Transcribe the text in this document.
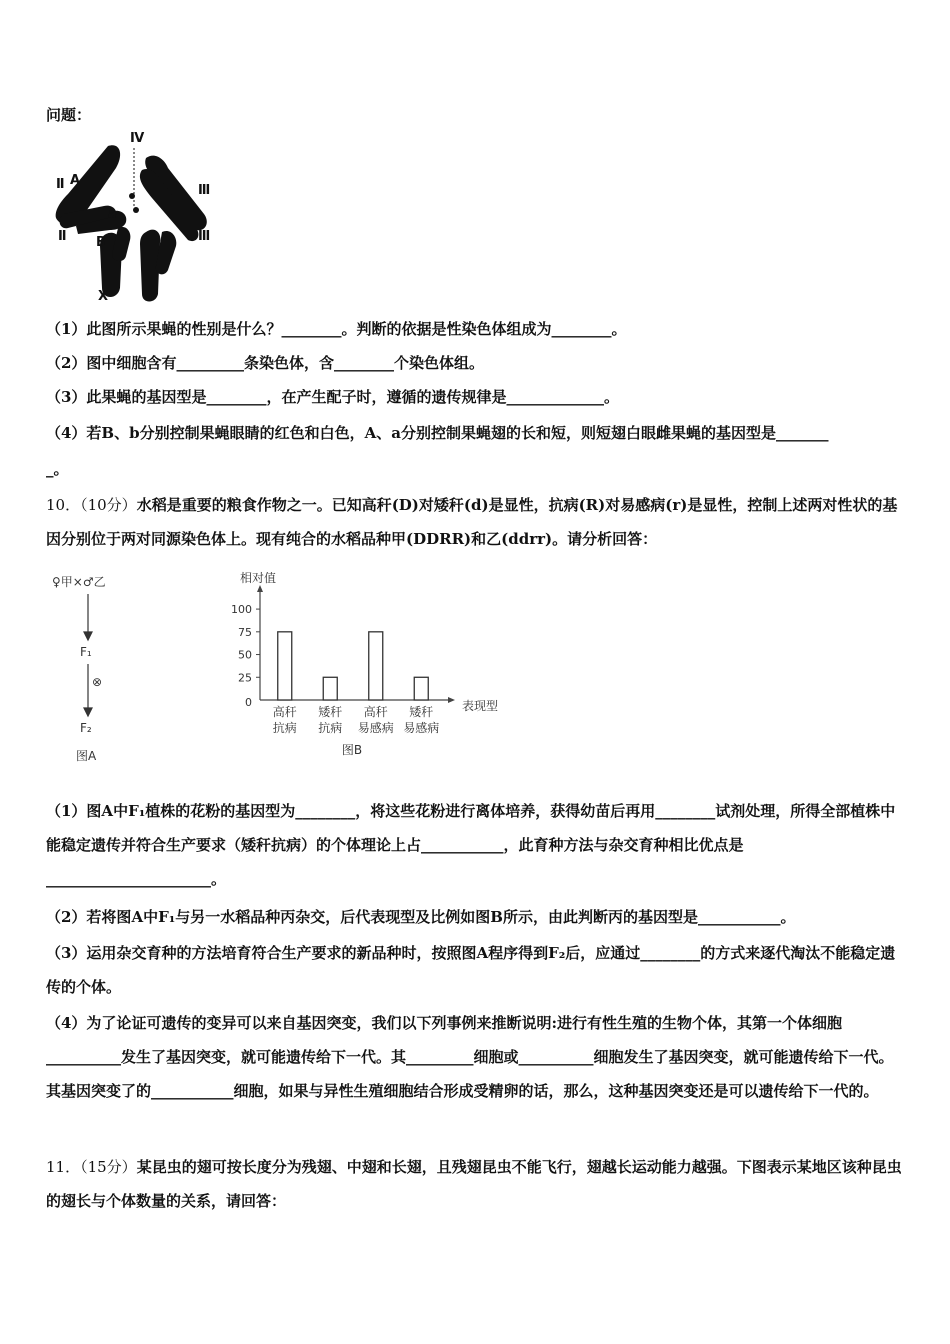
问题：
Ⅳ
Ⅱ A
Ⅲ
a
Ⅱ	Ⅲ
B
X	Y
（1）此图所示果蝇的性别是什么？________。判断的依据是性染色体组成为________。
（2）图中细胞含有_________条染色体，含________个染色体组。
（3）此果蝇的基因型是________，在产生配子时，遵循的遗传规律是_____________。
（4）若B、b分别控制果蝇眼睛的红色和白色，A、a分别控制果蝇翅的长和短，则短翅白眼雌果蝇的基因型是_______
_。
10．（10分）水稻是重要的粮食作物之一。已知高秆(D)对矮秆(d)是显性，抗病(R)对易感病(r)是显性，控制上述两对性状的基因分别位于两对同源染色体上。现有纯合的水稻品种甲(DDRR)和乙(ddrr)。请分析回答：
♀甲×♂乙
F₁
⊗
F₂
图A
相对值
表现型
0
25
50
75
100
高秆
抗病
矮秆
抗病
高秆
易感病
矮秆
易感病
图B
（1）图A中F₁植株的花粉的基因型为________，将这些花粉进行离体培养，获得幼苗后再用________试剂处理，所得全部植株中能稳定遗传并符合生产要求（矮秆抗病）的个体理论上占___________，此育种方法与杂交育种相比优点是______________________。
（2）若将图A中F₁与另一水稻品种丙杂交，后代表现型及比例如图B所示，由此判断丙的基因型是___________。
（3）运用杂交育种的方法培育符合生产要求的新品种时，按照图A程序得到F₂后，应通过________的方式来逐代淘汰不能稳定遗传的个体。
（4）为了论证可遗传的变异可以来自基因突变，我们以下列事例来推断说明:进行有性生殖的生物个体，其第一个体细胞__________发生了基因突变，就可能遗传给下一代。其_________细胞或__________细胞发生了基因突变，就可能遗传给下一代。其基因突变了的___________细胞，如果与异性生殖细胞结合形成受精卵的话，那么，这种基因突变还是可以遗传给下一代的。
11．（15分）某昆虫的翅可按长度分为残翅、中翅和长翅，且残翅昆虫不能飞行，翅越长运动能力越强。下图表示某地区该种昆虫的翅长与个体数量的关系，请回答：
